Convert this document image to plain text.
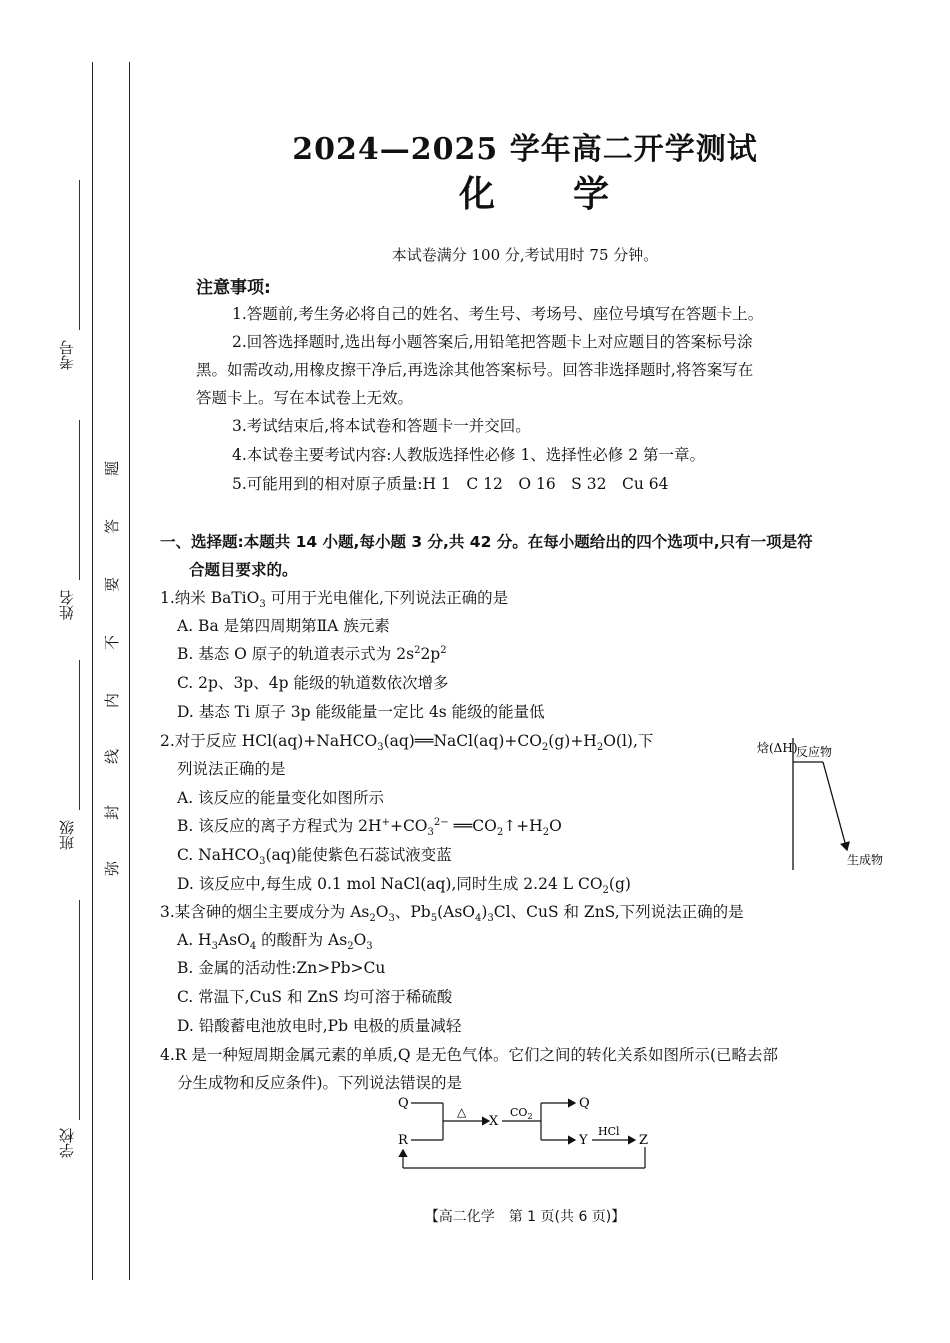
考号
姓名
班级
学校
题
答
要
不
内
线
封
弥
2024—2025 学年高二开学测试
化　　学
本试卷满分 100 分,考试用时 75 分钟。
注意事项:
1.答题前,考生务必将自己的姓名、考生号、考场号、座位号填写在答题卡上。
2.回答选择题时,选出每小题答案后,用铅笔把答题卡上对应题目的答案标号涂
黑。如需改动,用橡皮擦干净后,再选涂其他答案标号。回答非选择题时,将答案写在
答题卡上。写在本试卷上无效。
3.考试结束后,将本试卷和答题卡一并交回。
4.本试卷主要考试内容:人教版选择性必修 1、选择性必修 2 第一章。
5.可能用到的相对原子质量:H 1　C 12　O 16　S 32　Cu 64
一、选择题:本题共 14 小题,每小题 3 分,共 42 分。在每小题给出的四个选项中,只有一项是符
合题目要求的。
1.纳米 BaTiO$_3$ 可用于光电催化,下列说法正确的是
A. Ba 是第四周期第ⅡA 族元素
B. 基态 O 原子的轨道表示式为 $2s^22p^2$
C. 2p、3p、4p 能级的轨道数依次增多
D. 基态 Ti 原子 3p 能级能量一定比 4s 能级的能量低
2.对于反应 $HCl(aq)+NaHCO_3(aq)══NaCl(aq)+CO_2(g)+H_2O(l)$,下
列说法正确的是
A. 该反应的能量变化如图所示
B. 该反应的离子方程式为 $2H^++CO_3^{2-}$ $══CO_2↑+H_2O$
C. NaHCO$_3$(aq)能使紫色石蕊试液变蓝
D. 该反应中,每生成 0.1 mol NaCl(aq),同时生成 2.24 L $CO_2(g)$
焓(ΔH)
反应物
生成物
3.某含砷的烟尘主要成分为 $As_2O_3$、$Pb_5(AsO_4)_3Cl$、CuS 和 ZnS,下列说法正确的是
A. $H_3AsO_4$ 的酸酐为 $As_2O_3$
B. 金属的活动性:Zn>Pb>Cu
C. 常温下,CuS 和 ZnS 均可溶于稀硫酸
D. 铅酸蓄电池放电时,Pb 电极的质量减轻
4.R 是一种短周期金属元素的单质,Q 是无色气体。它们之间的转化关系如图所示(已略去部
分生成物和反应条件)。下列说法错误的是
Q
R
△
X
$CO_2$
Q
Y
HCl
Z
【高二化学　第 1 页(共 6 页)】
